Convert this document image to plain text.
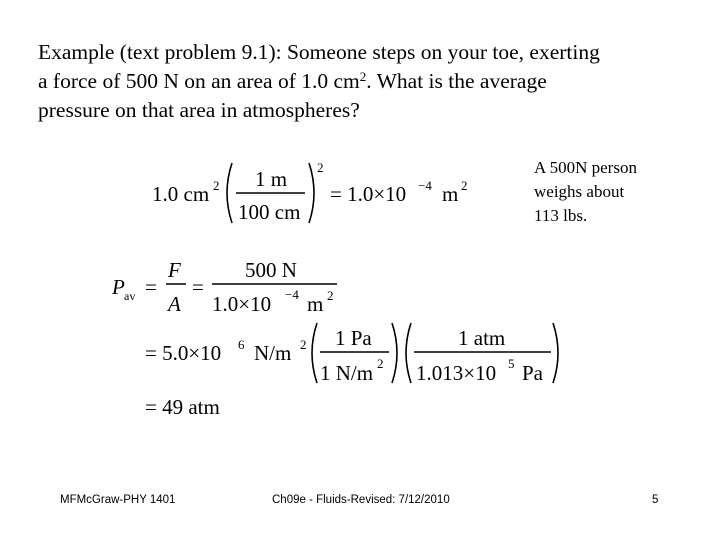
Example (text problem 9.1): Someone steps on your toe, exerting
a force of 500 N on an area of 1.0 $cm^2$. What is the average
pressure on that area in atmospheres?
A 500N person
weighs about
113 lbs.
1.0 cm 2 1 m
100 cm
2
= 1.0×10 −4 m 2
P av =
F
A
=
500 N
1.0×10 −4 m 2
= 5.0×10 6 N/m 2 1 Pa
1 N/m 2
1 atm
1.013×10 5 Pa
= 49 atm
MFMcGraw-PHY 1401	Ch09e - Fluids-Revised: 7/12/2010	5
